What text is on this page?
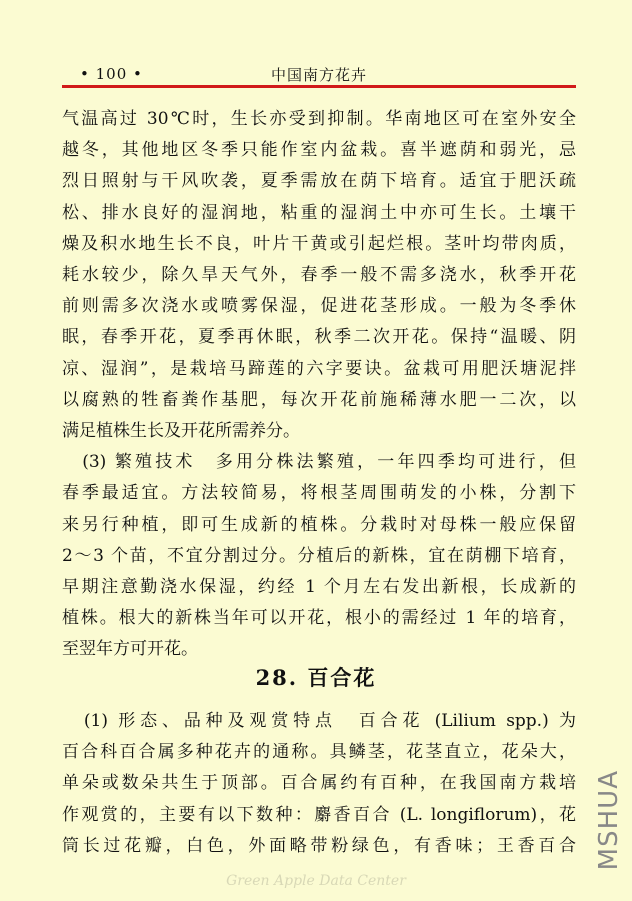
• 100 •	中国南方花卉
气温高过 30℃时，生长亦受到抑制。华南地区可在室外安全
越冬，其他地区冬季只能作室内盆栽。喜半遮荫和弱光，忌
烈日照射与干风吹袭，夏季需放在荫下培育。适宜于肥沃疏
松、排水良好的湿润地，粘重的湿润土中亦可生长。土壤干
燥及积水地生长不良，叶片干黄或引起烂根。茎叶均带肉质，
耗水较少，除久旱天气外，春季一般不需多浇水，秋季开花
前则需多次浇水或喷雾保湿，促进花茎形成。一般为冬季休
眠，春季开花，夏季再休眠，秋季二次开花。保持“温暖、阴
凉、湿润”，是栽培马蹄莲的六字要诀。盆栽可用肥沃塘泥拌
以腐熟的牲畜粪作基肥，每次开花前施稀薄水肥一二次，以
满足植株生长及开花所需养分。
　(3) 繁殖技术　多用分株法繁殖，一年四季均可进行，但
春季最适宜。方法较简易，将根茎周围萌发的小株，分割下
来另行种植，即可生成新的植株。分栽时对母株一般应保留
2～3 个苗，不宜分割过分。分植后的新株，宜在荫棚下培育，
早期注意勤浇水保湿，约经 1 个月左右发出新根，长成新的
植株。根大的新株当年可以开花，根小的需经过 1 年的培育，
至翌年方可开花。
28. 百合花
　(1) 形态、品种及观赏特点　百合花 (Lilium spp.) 为
百合科百合属多种花卉的通称。具鳞茎，花茎直立，花朵大，
单朵或数朵共生于顶部。百合属约有百种，在我国南方栽培
作观赏的，主要有以下数种：麝香百合 (L. longiflorum)，花
筒长过花瓣，白色，外面略带粉绿色，有香味；王香百合 MSHUA
Green Apple Data Center
